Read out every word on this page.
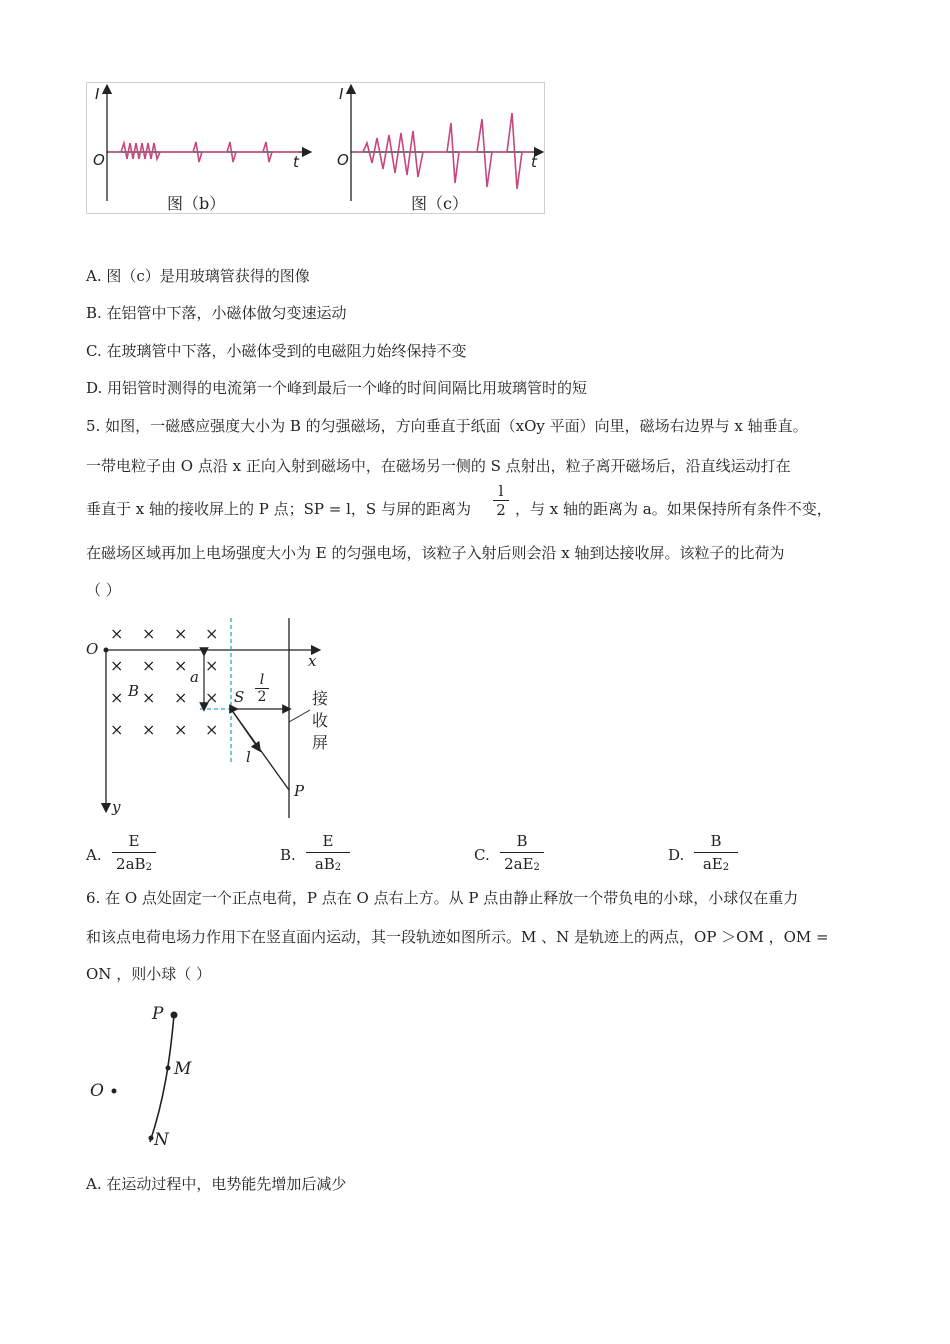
I
O	t
图（b）
I
O	t
图（c）
A. 图（c）是用玻璃管获得的图像
B. 在铝管中下落，小磁体做匀变速运动
C. 在玻璃管中下落，小磁体受到的电磁阻力始终保持不变
D. 用铝管时测得的电流第一个峰到最后一个峰的时间间隔比用玻璃管时的短
5. 如图，一磁感应强度大小为 B 的匀强磁场，方向垂直于纸面（xOy 平面）向里，磁场右边界与 x 轴垂直。
一带电粒子由 O 点沿 x 正向入射到磁场中，在磁场另一侧的 S 点射出，粒子离开磁场后，沿直线运动打在
垂直于 x 轴的接收屏上的 P 点；SP = l，S 与屏的距离为 $\frac{l}{2}$ ，与 x 轴的距离为 a。如果保持所有条件不变，
在磁场区域再加上电场强度大小为 E 的匀强电场，该粒子入射后则会沿 x 轴到达接收屏。该粒子的比荷为
（ ）
× × × ×
× × × ×
× × × ×
× × × ×
O
x
y
B
a
S $\frac{l}{2}$
l
P
接
收
屏
A. $\frac{E}{2aB2}$	B. $\frac{E}{aB2}$	C. $\frac{B}{2aE2}$	D. $\frac{B}{aE2}$
6. 在 O 点处固定一个正点电荷，P 点在 O 点右上方。从 P 点由静止释放一个带负电的小球，小球仅在重力
和该点电荷电场力作用下在竖直面内运动，其一段轨迹如图所示。M 、N 是轨迹上的两点，OP ＞OM ，OM =
ON ，则小球（ ）
P
M
N
O
A. 在运动过程中，电势能先增加后减少
